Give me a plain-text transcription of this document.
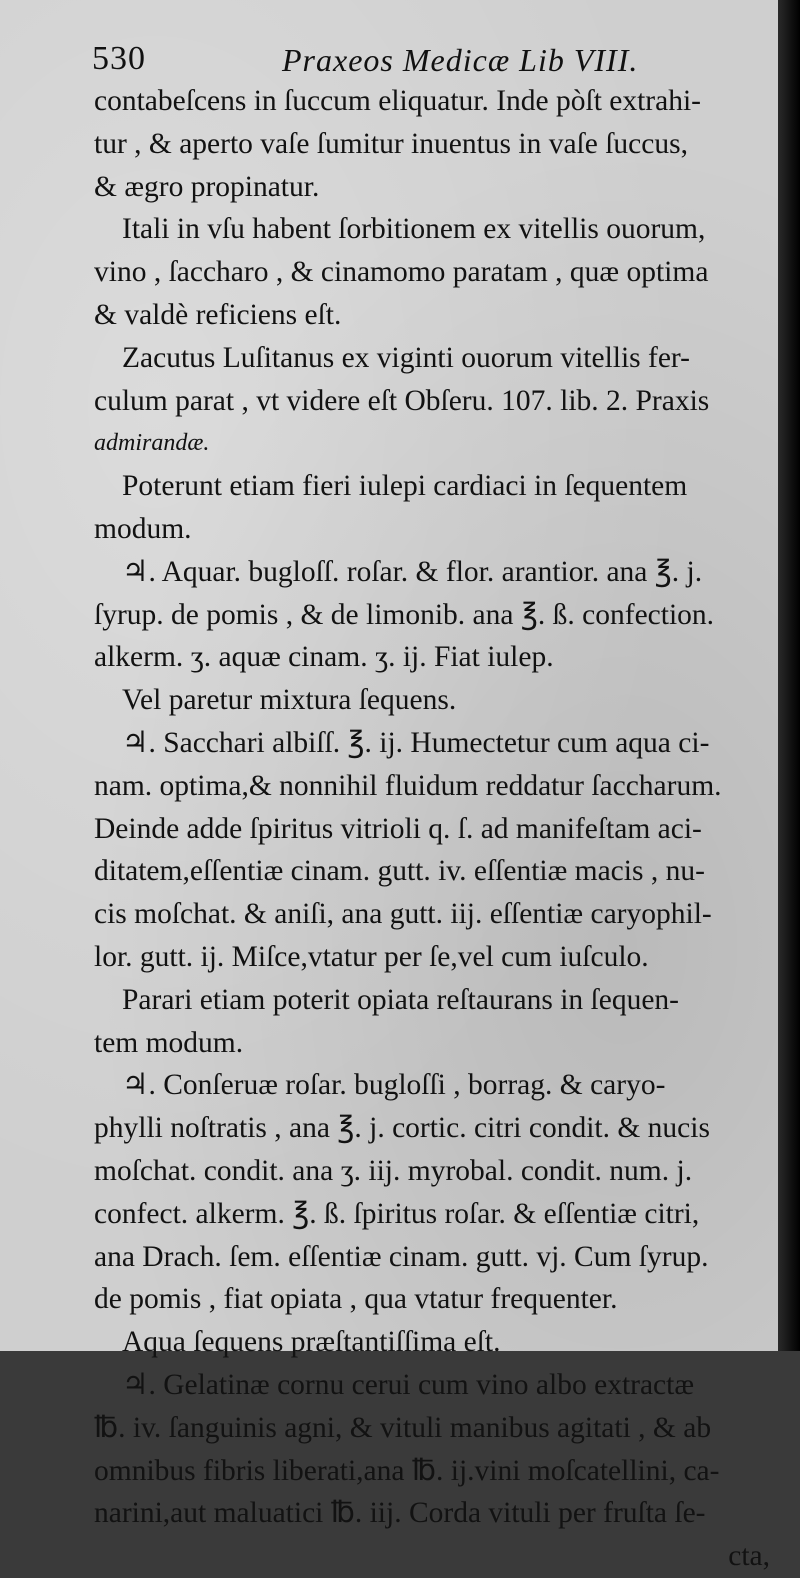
530	Praxeos Medicæ Lib VIII.
contabeſcens in ſuccum eliquatur. Inde pòſt extrahi-
tur , & aperto vaſe ſumitur inuentus in vaſe ſuccus,
& ægro propinatur.
Itali in vſu habent ſorbitionem ex vitellis ouorum,
vino , ſaccharo , & cinamomo paratam , quæ optima
& valdè reficiens eſt.
Zacutus Luſitanus ex viginti ouorum vitellis fer-
culum parat , vt videre eſt Obſeru. 107. lib. 2. Praxis
admirandæ.
Poterunt etiam fieri iulepi cardiaci in ſequentem
modum.
♃. Aquar. bugloſſ. roſar. & flor. arantior. ana ℥. j.
ſyrup. de pomis , & de limonib. ana ℥. ß. confection.
alkerm. ʒ. aquæ cinam. ʒ. ij. Fiat iulep.
Vel paretur mixtura ſequens.
♃. Sacchari albiſſ. ℥. ij. Humectetur cum aqua ci-
nam. optima,& nonnihil fluidum reddatur ſaccharum.
Deinde adde ſpiritus vitrioli q. ſ. ad manifeſtam aci-
ditatem,eſſentiæ cinam. gutt. iv. eſſentiæ macis , nu-
cis moſchat. & aniſi, ana gutt. iij. eſſentiæ caryophil-
lor. gutt. ij. Miſce,vtatur per ſe,vel cum iuſculo.
Parari etiam poterit opiata reſtaurans in ſequen-
tem modum.
♃. Conſeruæ roſar. bugloſſi , borrag. & caryo-
phylli noſtratis , ana ℥. j. cortic. citri condit. & nucis
moſchat. condit. ana ʒ. iij. myrobal. condit. num. j.
confect. alkerm. ℥. ß. ſpiritus roſar. & eſſentiæ citri,
ana Drach. ſem. eſſentiæ cinam. gutt. vj. Cum ſyrup.
de pomis , fiat opiata , qua vtatur frequenter.
Aqua ſequens præſtantiſſima eſt.
♃. Gelatinæ cornu cerui cum vino albo extractæ
℔. iv. ſanguinis agni, & vituli manibus agitati , & ab
omnibus fibris liberati,ana ℔. ij.vini moſcatellini, ca-
narini,aut maluatici ℔. iij. Corda vituli per fruſta ſe-
cta,
